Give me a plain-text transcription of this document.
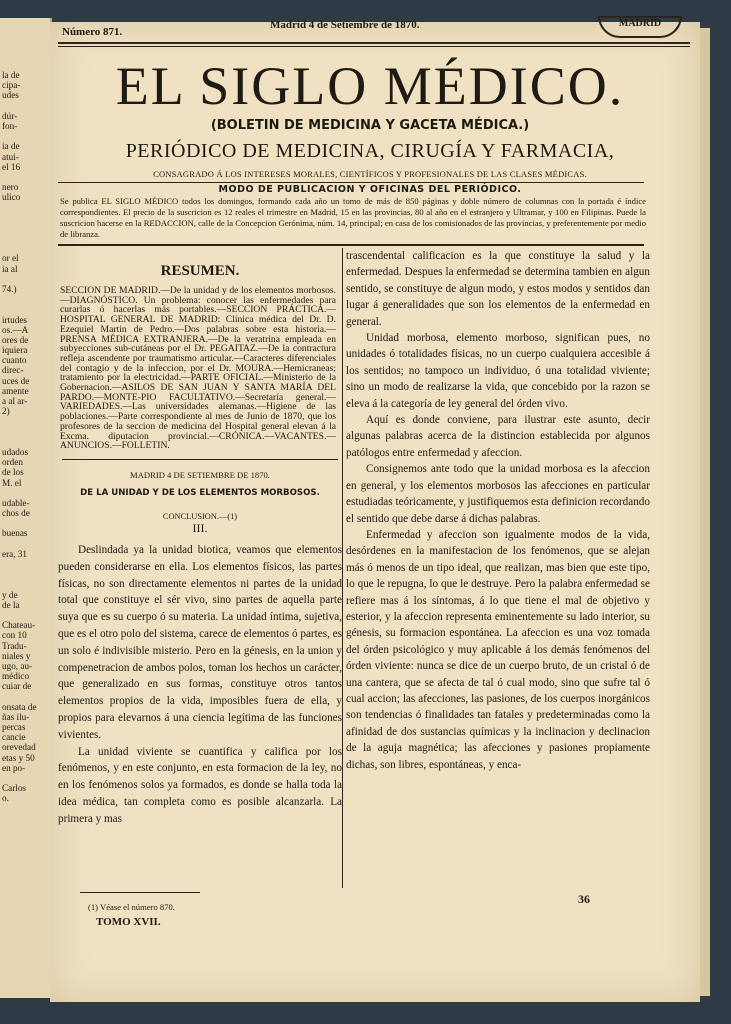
la de
cipa-
udes
dúr-
fon-
ía de
atui-
el 16
nero
ulico
or el
ia al
74.)
irtudes
os.—A
ores de
iquiera
cuanto
direc-
uces de
amente
a al ar-
2)
udados
orden
de los
M. el
udable-
chos de
buenas
era, 31
y de
de la
Chateau-
con 10
Tradu-
niales y
ugo, au-
médico
cuiar de
onsata de
ñas ilu-
percas
cancie
orevedad
etas y 50
en po-
Carlos
o.
Número 871.
Madrid 4 de Setiembre de 1870.	MADRID
EL SIGLO MÉDICO.
(BOLETIN DE MEDICINA Y GACETA MÉDICA.)
PERIÓDICO DE MEDICINA, CIRUGÍA Y FARMACIA,
CONSAGRADO Á LOS INTERESES MORALES, CIENTÍFICOS Y PROFESIONALES DE LAS CLASES MÉDICAS.
MODO DE PUBLICACION Y OFICINAS DEL PERIÓDICO.
Se publica EL SIGLO MÉDICO todos los domingos, formando cada año un tomo de más de 850 páginas y doble número de columnas con la portada é índice correspondientes. El precio de la suscricion es 12 reales el trimestre en Madrid, 15 en las provincias, 80 al año en el estranjero y Ultramar, y 100 en Filipinas. Puede la suscricion hacerse en la REDACCION, calle de la Concepcion Gerónima, núm. 14, principal; en casa de los comisionados de las provincias, y preferentemente por medio de libranza.
RESUMEN.
SECCION DE MADRID.—De la unidad y de los elementos morbosos.—DIAGNÓSTICO. Un problema: conocer las enfermedades para curarlas ó hacerlas más portables.—SECCION PRÁCTICA.—HOSPITAL GENERAL DE MADRID: Clínica médica del Dr. D. Ezequiel Martin de Pedro.—Dos palabras sobre esta historia.—PRENSA MÉDICA EXTRANJERA.—De la veratrina empleada en subyecciones sub-cutáneas por el Dr. PEGAITAZ.—De la contractura refleja ascendente por traumatismo articular.—Caracteres diferenciales del contagio y de la infeccion, por el Dr. MOURA.—Hemicraneas; tratamiento por la electricidad.—PARTE OFICIAL.—Ministerio de la Gobernacion.—ASILOS DE SAN JUAN Y SANTA MARÍA DEL PARDO.—MONTE-PIO FACULTATIVO.—Secretaría general.—VARIEDADES.—Las universidades alemanas.—Higiene de las poblaciones.—Parte correspondiente al mes de Junio de 1870, que los profesores de la seccion de medicina del Hospital general elevan á la Excma. diputacion provincial.—CRÓNICA.—VACANTES.—ANUNCIOS.—FOLLETIN.
MADRID 4 DE SETIEMBRE DE 1870.
DE LA UNIDAD Y DE LOS ELEMENTOS MORBOSOS.
CONCLUSION.—(1)
III.

Deslindada ya la unidad biotica, veamos que elementos pueden considerarse en ella. Los elementos físicos, las partes físicas, no son directamente elementos ni partes de la unidad total que constituye el sér vivo, sino partes de aquella parte suya que es su cuerpo ó su materia. La unidad íntima, sujetiva, que es el otro polo del sistema, carece de elementos ó partes, es un solo é indivisible misterio. Pero en la génesis, en la union y compenetracion de ambos polos, toman los hechos un carácter, que generalizado en sus formas, constituye otros tantos elementos propios de la vida, imposibles fuera de ella, y propios para elevarnos á una ciencia legítima de las funciones vivientes.

La unidad viviente se cuantifica y califica por los fenómenos, y en este conjunto, en esta formacion de la ley, no en los fenómenos solos ya formados, es donde se halla toda la idea médica, tan completa como es posible alcanzarla. La primera y mas

trascendental calificacion es la que constituye la salud y la enfermedad. Despues la enfermedad se determina tambien en algun sentido, se constituye de algun modo, y estos modos y sentidos dan lugar á generalidades que son los elementos de la enfermedad en general.

Unidad morbosa, elemento morboso, significan pues, no unidades ó totalidades físicas, no un cuerpo cualquiera accesible á los sentidos; no tampoco un individuo, ó una totalidad viviente; sino un modo de realizarse la vida, que concebido por la razon se eleva á la categoría de ley general del órden vivo.

Aquí es donde conviene, para ilustrar este asunto, decir algunas palabras acerca de la distincion establecida por algunos patólogos entre enfermedad y afeccion.

Consignemos ante todo que la unidad morbosa es la afeccion en general, y los elementos morbosos las afecciones en particular estudiadas teóricamente, y justifiquemos esta definicion recordando el sentido que debe darse á dichas palabras.

Enfermedad y afeccion son igualmente modos de la vida, desórdenes en la manifestacion de los fenómenos, que se alejan más ó menos de un tipo ideal, que realizan, mas bien que este tipo, lo que le repugna, lo que le destruye. Pero la palabra enfermedad se refiere mas á los síntomas, á lo que tiene el mal de objetivo y esterior, y la afeccion representa eminentemente su lado interior, su génesis, su formacion espontánea. La afeccion es una voz tomada del órden psicológico y muy aplicable á los demás fenómenos del órden viviente: nunca se dice de un cuerpo bruto, de un cristal ó de una cantera, que se afecta de tal ó cual modo, sino que sufre tal ó cual accion; las afecciones, las pasiones, de los cuerpos inorgánicos son tendencias ó finalidades tan fatales y predeterminadas como la afinidad de dos sustancias químicas y la inclinacion y declinacion de la aguja magnética; las afecciones y pasiones propiamente dichas, son libres, espontáneas, y enca-

(1) Véase el número 870.
TOMO XVII.
36
